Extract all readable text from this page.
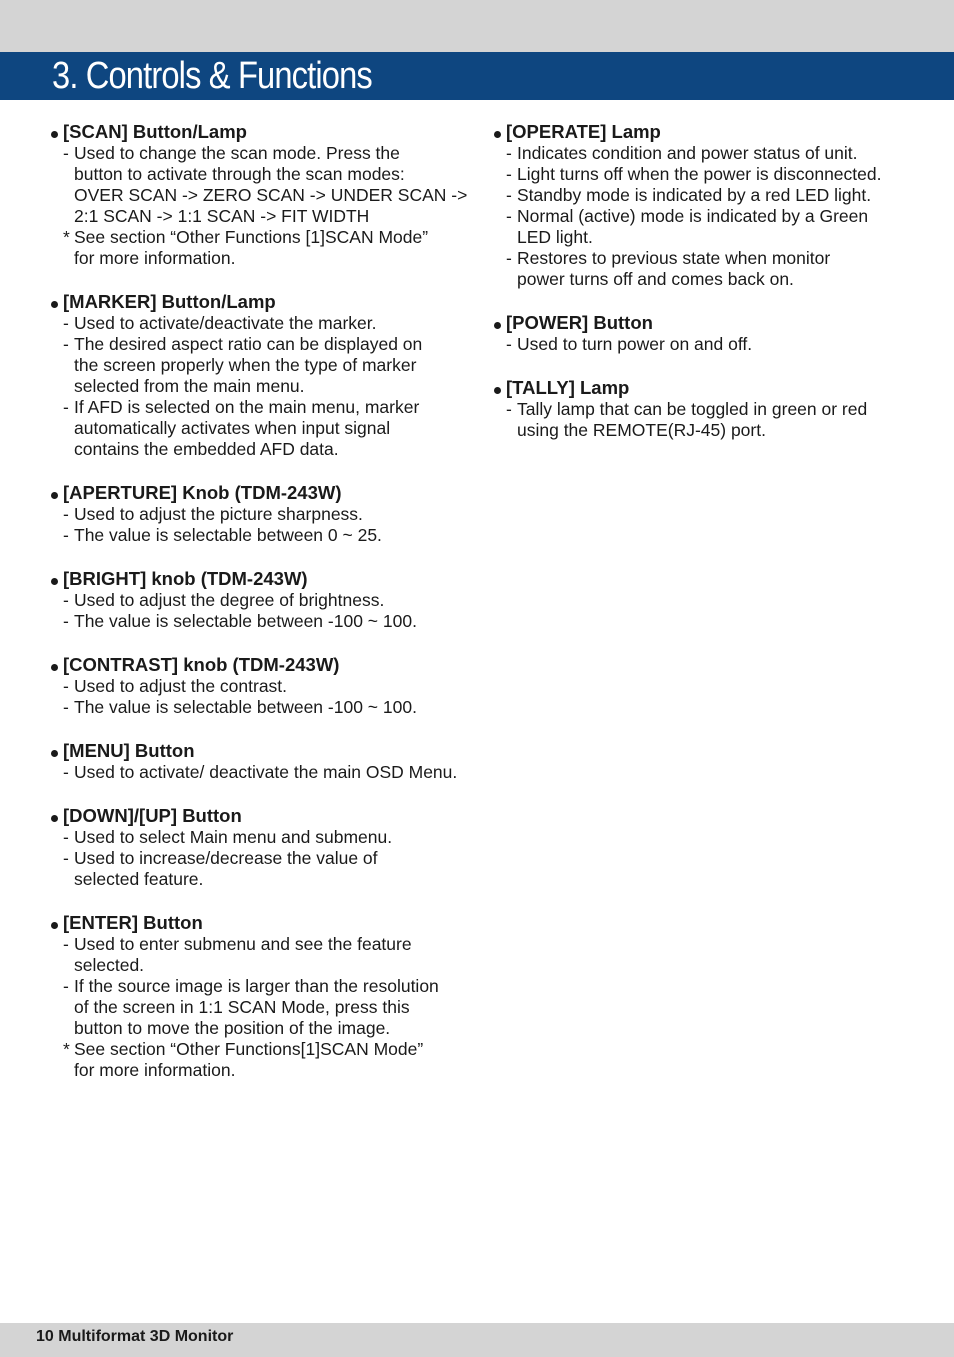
3. Controls & Functions
[SCAN] Button/Lamp
- Used to change the scan mode. Press the
button to activate through the scan modes:
OVER SCAN -> ZERO SCAN -> UNDER SCAN ->
2:1 SCAN -> 1:1 SCAN -> FIT WIDTH
* See section “Other Functions [1]SCAN Mode”
for more information.
[MARKER] Button/Lamp
- Used to activate/deactivate the marker.
- The desired aspect ratio can be displayed on
the screen properly when the type of marker
selected from the main menu.
- If AFD is selected on the main menu, marker
automatically activates when input signal
contains the embedded AFD data.
[APERTURE] Knob (TDM-243W)
- Used to adjust the picture sharpness.
- The value is selectable between 0 ~ 25.
[BRIGHT] knob (TDM-243W)
- Used to adjust the degree of brightness.
- The value is selectable between -100 ~ 100.
[CONTRAST] knob (TDM-243W)
- Used to adjust the contrast.
- The value is selectable between -100 ~ 100.
[MENU] Button
- Used to activate/ deactivate the main OSD Menu.
[DOWN]/[UP] Button
- Used to select Main menu and submenu.
- Used to increase/decrease the value of
selected feature.
[ENTER] Button
- Used to enter submenu and see the feature
selected.
- If the source image is larger than the resolution
of the screen in 1:1 SCAN Mode, press this
button to move the position of the image.
* See section “Other Functions[1]SCAN Mode”
for more information.
[OPERATE] Lamp
- Indicates condition and power status of unit.
- Light turns off when the power is disconnected.
- Standby mode is indicated by a red LED light.
- Normal (active) mode is indicated by a Green
LED light.
- Restores to previous state when monitor
power turns off and comes back on.
[POWER] Button
- Used to turn power on and off.
[TALLY] Lamp
- Tally lamp that can be toggled in green or red
using the REMOTE(RJ-45) port.
10 Multiformat 3D Monitor
